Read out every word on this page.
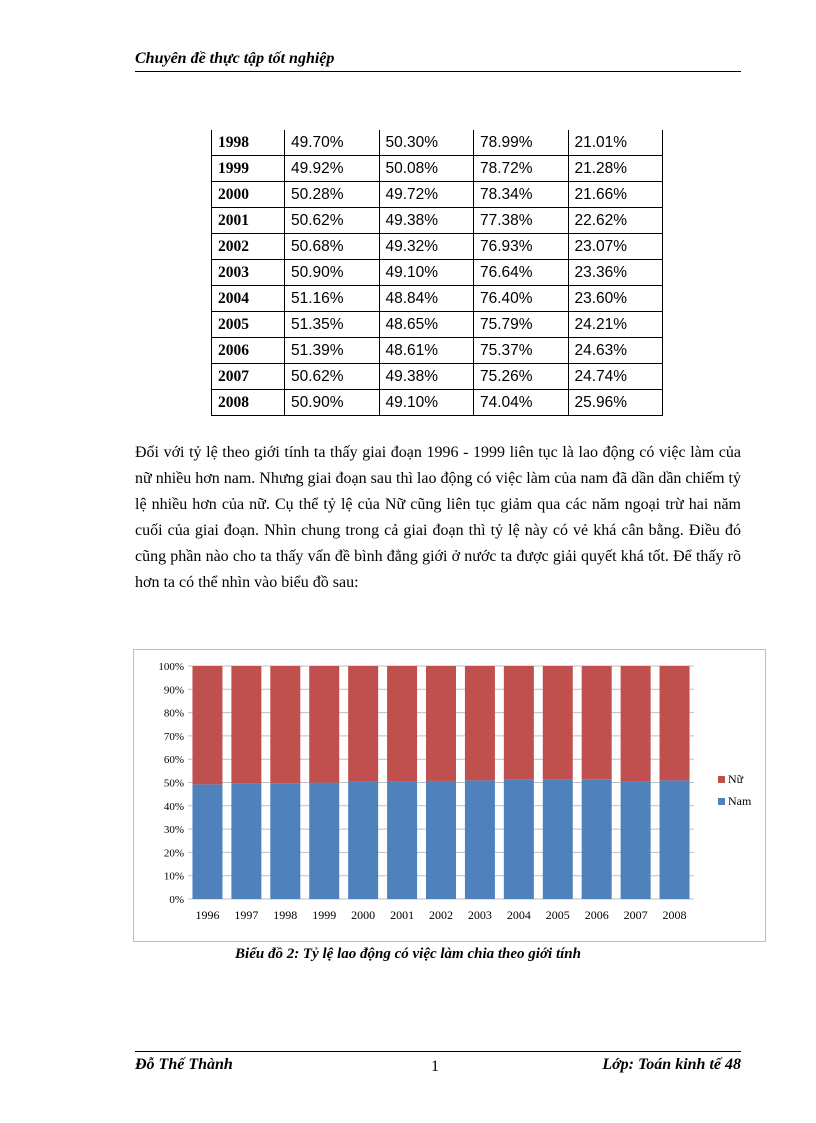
Chuyên đề thực tập tốt nghiệp
1998	49.70%	50.30%	78.99%	21.01%
1999	49.92%	50.08%	78.72%	21.28%
2000	50.28%	49.72%	78.34%	21.66%
2001	50.62%	49.38%	77.38%	22.62%
2002	50.68%	49.32%	76.93%	23.07%
2003	50.90%	49.10%	76.64%	23.36%
2004	51.16%	48.84%	76.40%	23.60%
2005	51.35%	48.65%	75.79%	24.21%
2006	51.39%	48.61%	75.37%	24.63%
2007	50.62%	49.38%	75.26%	24.74%
2008	50.90%	49.10%	74.04%	25.96%

Đối với tỷ lệ theo giới tính ta thấy giai đoạn 1996 - 1999 liên tục là lao động có việc làm của nữ nhiều hơn nam. Nhưng giai đoạn sau thì lao động có việc làm của nam đã dần dần chiếm tỷ lệ nhiều hơn của nữ. Cụ thể tỷ lệ của Nữ cũng liên tục giảm qua các năm ngoại trừ hai năm cuối của giai đoạn. Nhìn chung trong cả giai đoạn thì tỷ lệ này có vẻ khá cân bằng. Điều đó cũng phần nào cho ta thấy vấn đề bình đẳng giới ở nước ta được giải quyết khá tốt. Để thấy rõ hơn ta có thể nhìn vào biểu đồ sau:

0%
10%
20%
30%
40%
50%
60%
70%
80%
90%
100%
1996 1997 1998 1999 2000 2001 2002 2003 2004 2005 2006 2007 2008
Nữ
Nam
Biểu đồ 2: Tỷ lệ lao động có việc làm chia theo giới tính
Đỗ Thế Thành	1	Lớp: Toán kinh tế 48
